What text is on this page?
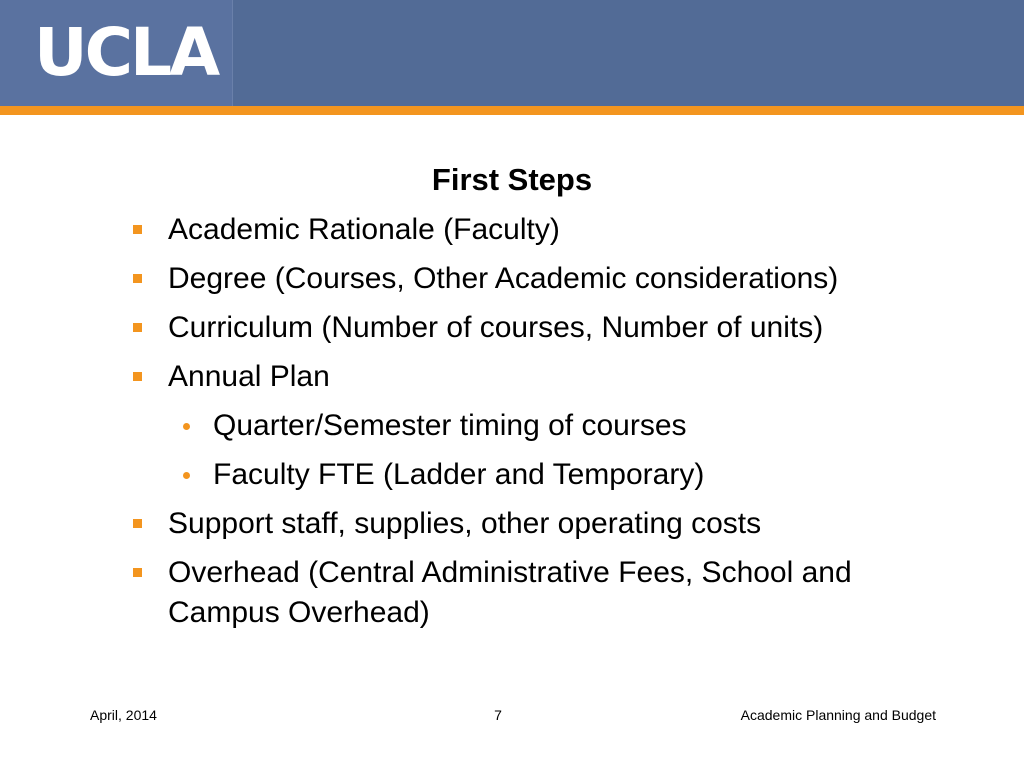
UCLA
First Steps
Academic Rationale (Faculty)
Degree (Courses, Other Academic considerations)
Curriculum (Number of courses, Number of units)
Annual Plan
Quarter/Semester timing of courses
Faculty FTE (Ladder and Temporary)
Support staff, supplies, other operating costs
Overhead (Central Administrative Fees, School and Campus Overhead)
April, 2014	7	Academic Planning and Budget
